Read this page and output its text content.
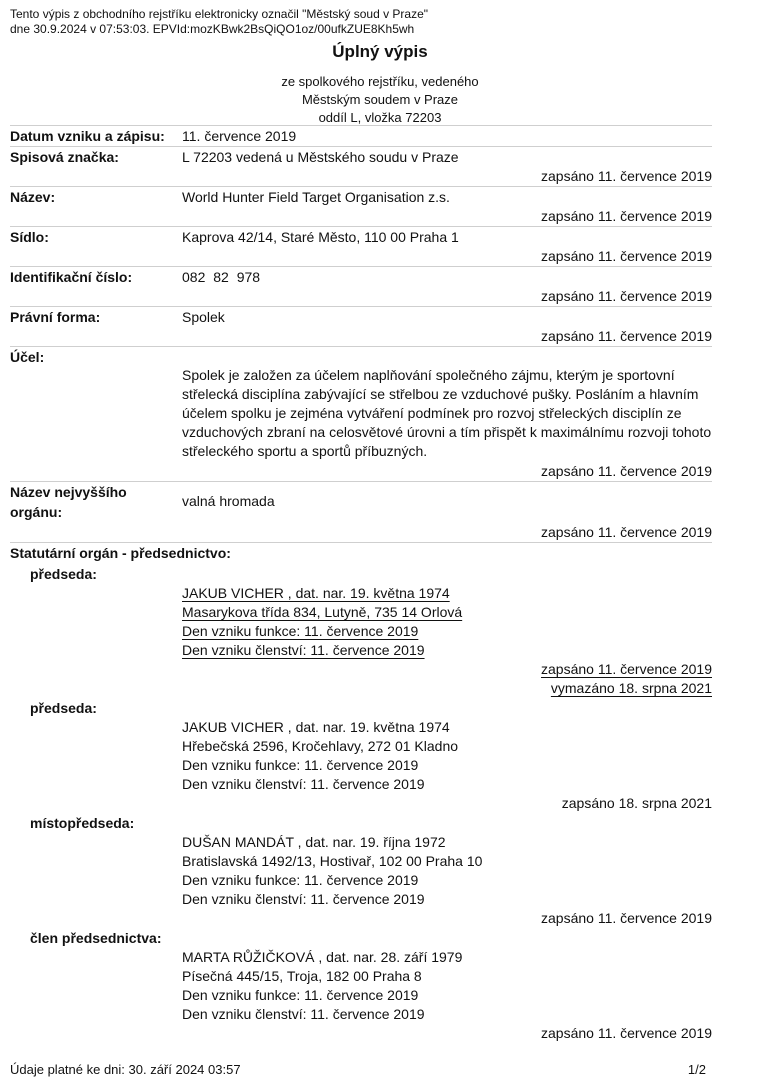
Tento výpis z obchodního rejstříku elektronicky označil "Městský soud v Praze"
dne 30.9.2024 v 07:53:03. EPVId:mozKBwk2BsQiQO1oz/00ufkZUE8Kh5wh
Úplný výpis
ze spolkového rejstříku, vedeného
Městským soudem v Praze
oddíl L, vložka 72203
Datum vzniku a zápisu: 11. července 2019
Spisová značka:	L 72203 vedená u Městského soudu v Praze
zapsáno 11. července 2019
Název:	World Hunter Field Target Organisation z.s.
zapsáno 11. července 2019
Sídlo:	Kaprova 42/14, Staré Město, 110 00 Praha 1
zapsáno 11. července 2019
Identifikační číslo:	082 82 978
zapsáno 11. července 2019
Právní forma:	Spolek
zapsáno 11. července 2019
Účel:
Spolek je založen za účelem naplňování společného zájmu, kterým je sportovní střelecká disciplína zabývající se střelbou ze vzduchové pušky. Posláním a hlavním účelem spolku je zejména vytváření podmínek pro rozvoj střeleckých disciplín ze vzduchových zbraní na celosvětové úrovni a tím přispět k maximálnímu rozvoji tohoto střeleckého sportu a sportů příbuzných.
zapsáno 11. července 2019
Název nejvyššího
orgánu:
valná hromada
zapsáno 11. července 2019
Statutární orgán - předsednictvo:
předseda:
JAKUB VICHER , dat. nar. 19. května 1974
Masarykova třída 834, Lutyně, 735 14 Orlová
Den vzniku funkce: 11. července 2019
Den vzniku členství: 11. července 2019
zapsáno 11. července 2019
vymazáno 18. srpna 2021
předseda:
JAKUB VICHER , dat. nar. 19. května 1974
Hřebečská 2596, Kročehlavy, 272 01 Kladno
Den vzniku funkce: 11. července 2019
Den vzniku členství: 11. července 2019
zapsáno 18. srpna 2021
místopředseda:
DUŠAN MANDÁT , dat. nar. 19. října 1972
Bratislavská 1492/13, Hostivař, 102 00 Praha 10
Den vzniku funkce: 11. července 2019
Den vzniku členství: 11. července 2019
zapsáno 11. července 2019
člen předsednictva:
MARTA RŮŽIČKOVÁ , dat. nar. 28. září 1979
Písečná 445/15, Troja, 182 00 Praha 8
Den vzniku funkce: 11. července 2019
Den vzniku členství: 11. července 2019
zapsáno 11. července 2019
Údaje platné ke dni: 30. září 2024 03:57	1/2
